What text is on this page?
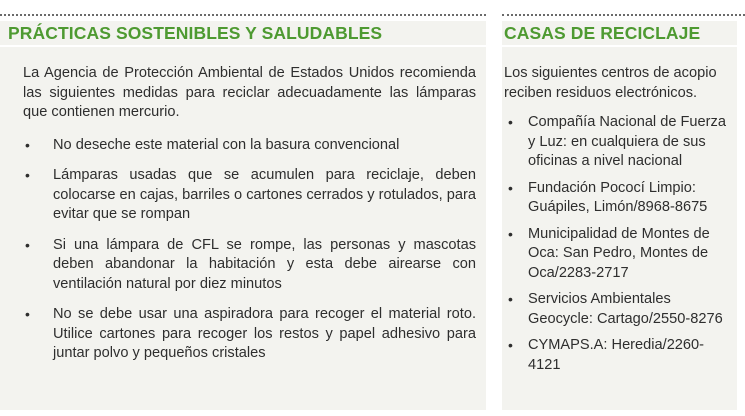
PRÁCTICAS SOSTENIBLES Y SALUDABLES

La Agencia de Protección Ambiental de Estados Unidos recomienda las siguientes medidas para reciclar adecuadamente las lámparas que contienen mercurio.

• No deseche este material con la basura convencional
• Lámparas usadas que se acumulen para reciclaje, deben colocarse en cajas, barriles o cartones cerrados y rotulados, para evitar que se rompan
• Si una lámpara de CFL se rompe, las personas y mascotas deben abandonar la habitación y esta debe airearse con ventilación natural por diez minutos
• No se debe usar una aspiradora para recoger el material roto. Utilice cartones para recoger los restos y papel adhesivo para juntar polvo y pequeños cristales
CASAS DE RECICLAJE

Los siguientes centros de acopio reciben residuos electrónicos.

• Compañía Nacional de Fuerza y Luz: en cualquiera de sus oficinas a nivel nacional
• Fundación Pococí Limpio: Guápiles, Limón/8968-8675
• Municipalidad de Montes de Oca: San Pedro, Montes de Oca/2283-2717
• Servicios Ambientales Geocycle: Cartago/2550-8276
• CYMAPS.A: Heredia/2260-4121
